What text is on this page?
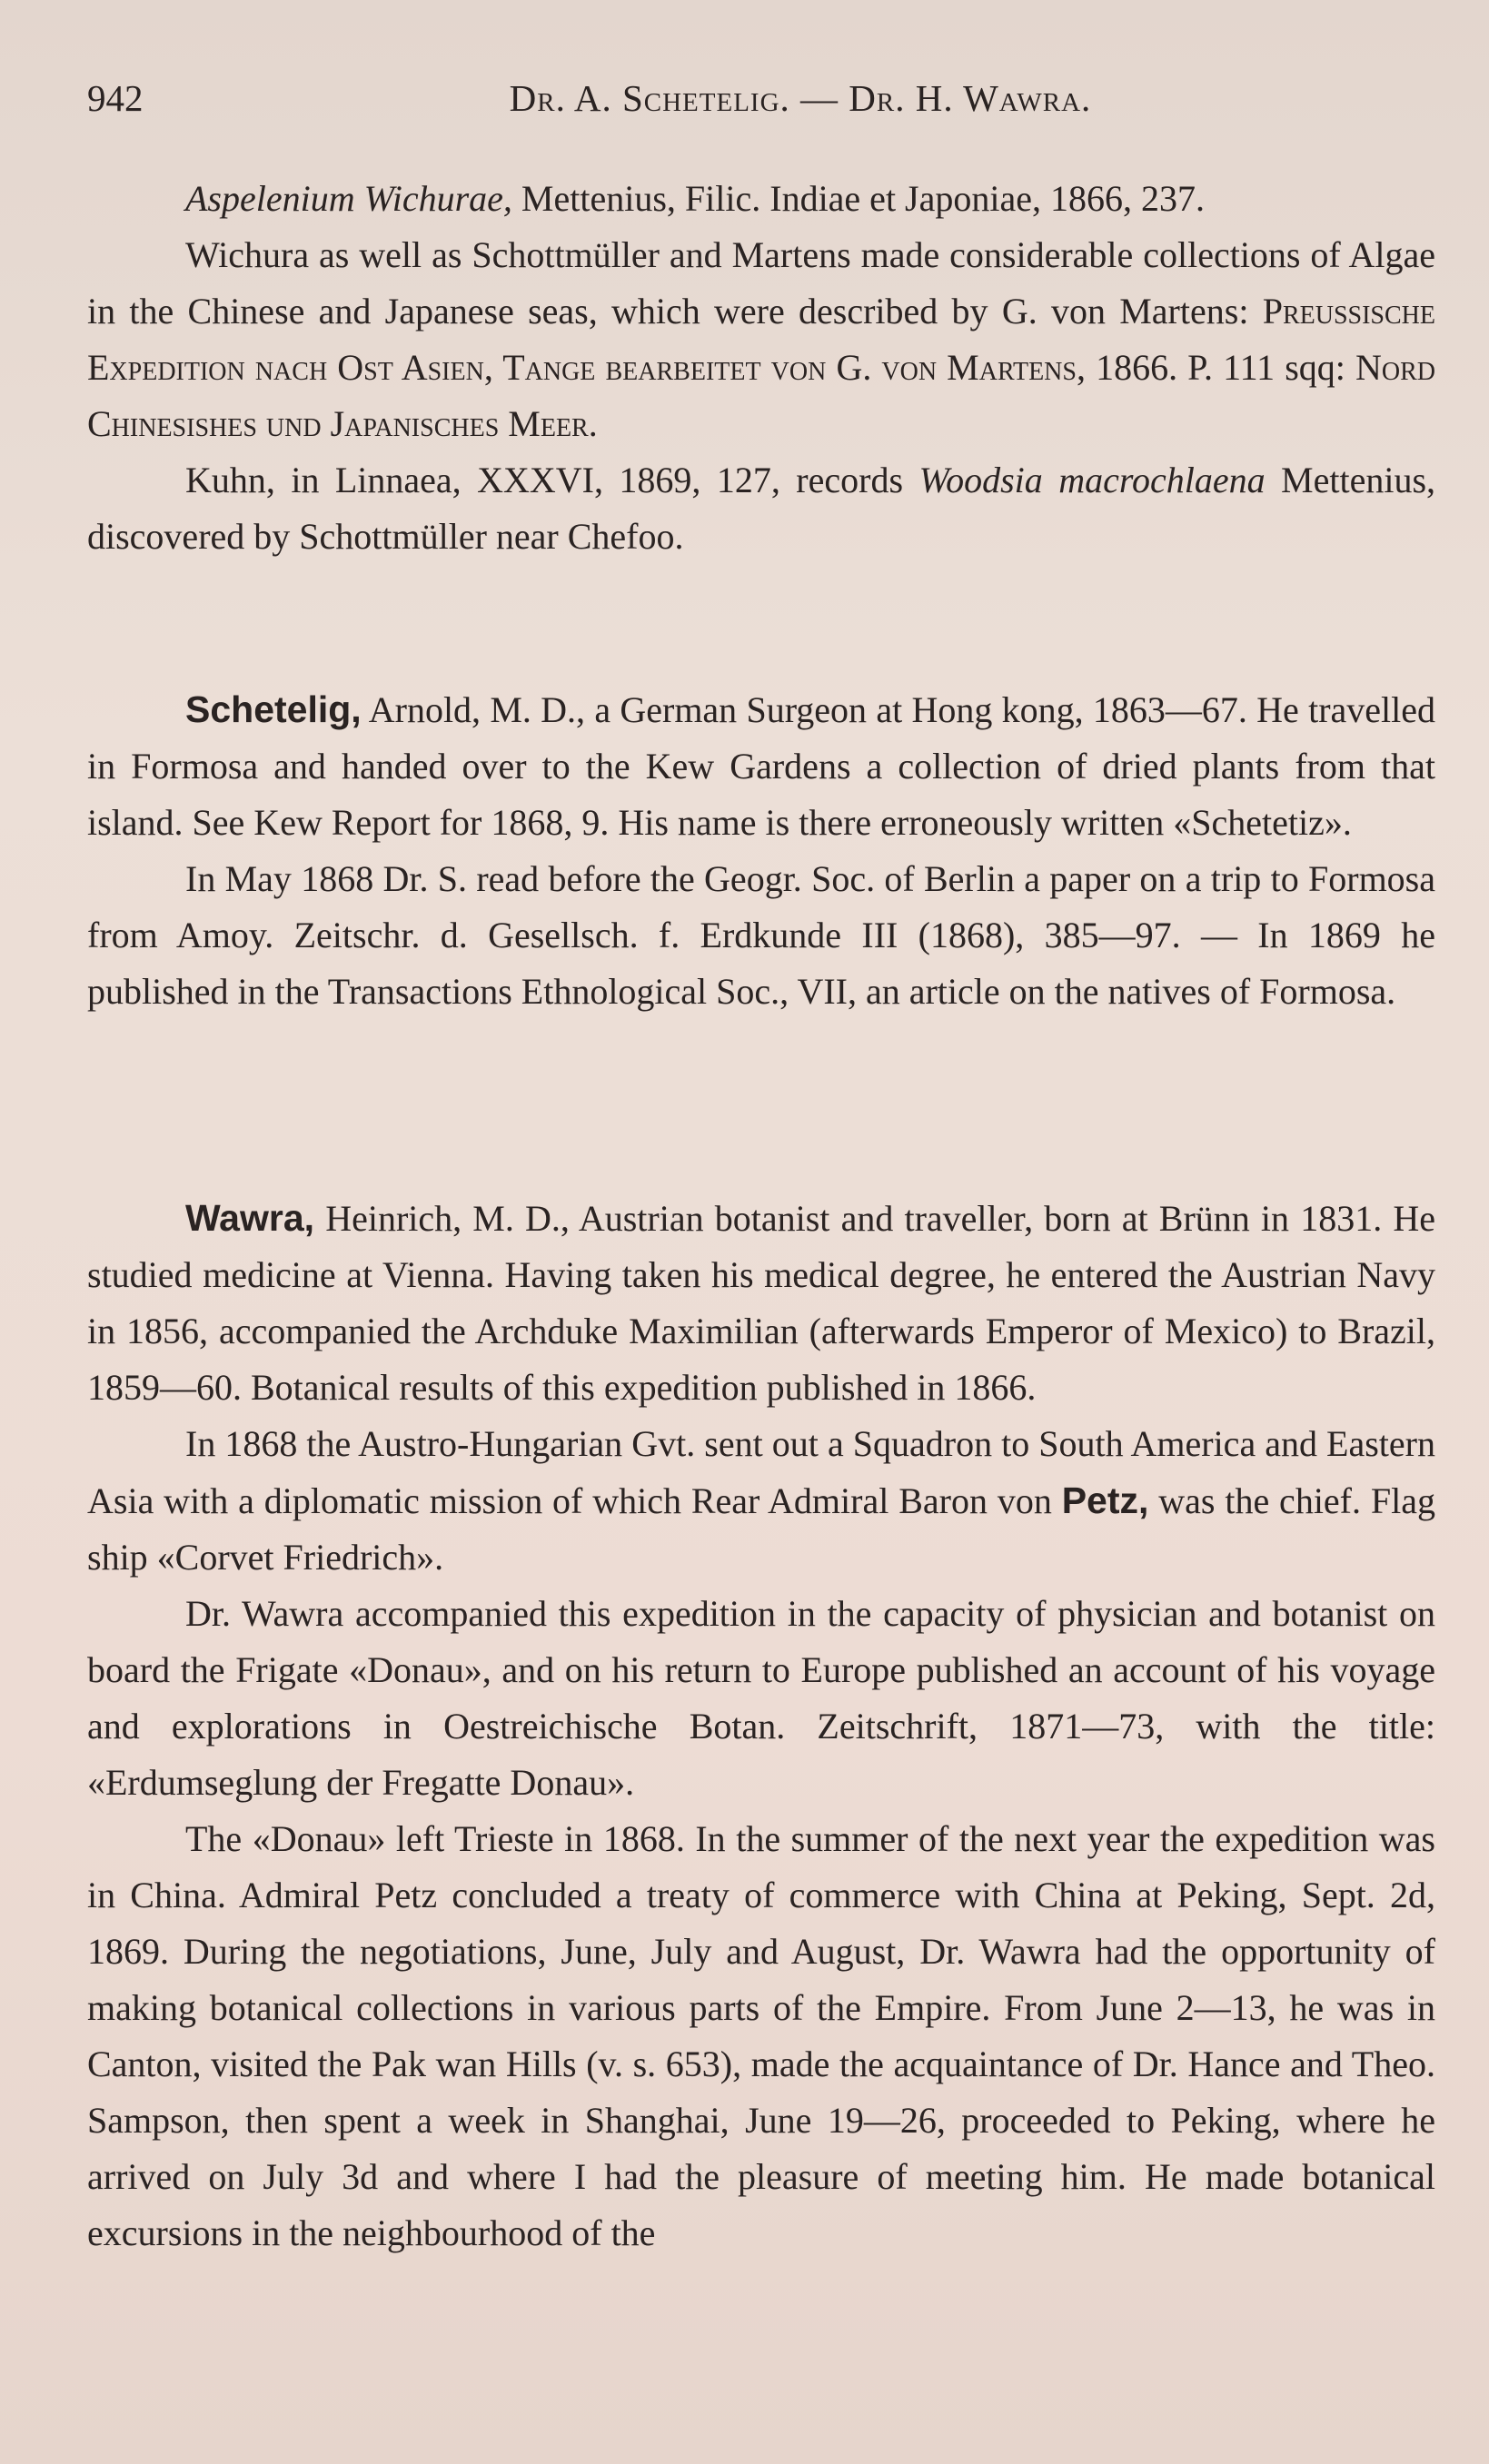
942	Dr. A. Schetelig. — Dr. H. Wawra.

Aspelenium Wichurae, Mettenius, Filic. Indiae et Japoniae, 1866, 237.

Wichura as well as Schottmüller and Martens made considerable collections of Algae in the Chinese and Japanese seas, which were described by G. von Martens: Preussische Expedition nach Ost Asien, Tange bearbeitet von G. von Martens, 1866. P. 111 sqq: Nord Chinesishes und Japanisches Meer.

Kuhn, in Linnaea, XXXVI, 1869, 127, records Woodsia macrochlaena Mettenius, discovered by Schottmüller near Chefoo.

Schetelig, Arnold, M. D., a German Surgeon at Hong kong, 1863—67. He travelled in Formosa and handed over to the Kew Gardens a collection of dried plants from that island. See Kew Report for 1868, 9. His name is there erroneously written «Schetetiz».

In May 1868 Dr. S. read before the Geogr. Soc. of Berlin a paper on a trip to Formosa from Amoy. Zeitschr. d. Gesellsch. f. Erdkunde III (1868), 385—97. — In 1869 he published in the Transactions Ethnological Soc., VII, an article on the natives of Formosa.

Wawra, Heinrich, M. D., Austrian botanist and traveller, born at Brünn in 1831. He studied medicine at Vienna. Having taken his medical degree, he entered the Austrian Navy in 1856, accompanied the Archduke Maximilian (afterwards Emperor of Mexico) to Brazil, 1859—60. Botanical results of this expedition published in 1866.

In 1868 the Austro-Hungarian Gvt. sent out a Squadron to South America and Eastern Asia with a diplomatic mission of which Rear Admiral Baron von Petz, was the chief. Flag ship «Corvet Friedrich».

Dr. Wawra accompanied this expedition in the capacity of physician and botanist on board the Frigate «Donau», and on his return to Europe published an account of his voyage and explorations in Oestreichische Botan. Zeitschrift, 1871—73, with the title: «Erdumseglung der Fregatte Donau».

The «Donau» left Trieste in 1868. In the summer of the next year the expedition was in China. Admiral Petz concluded a treaty of commerce with China at Peking, Sept. 2d, 1869. During the negotiations, June, July and August, Dr. Wawra had the opportunity of making botanical collections in various parts of the Empire. From June 2—13, he was in Canton, visited the Pak wan Hills (v. s. 653), made the acquaintance of Dr. Hance and Theo. Sampson, then spent a week in Shanghai, June 19—26, proceeded to Peking, where he arrived on July 3d and where I had the pleasure of meeting him. He made botanical excursions in the neighbourhood of the
